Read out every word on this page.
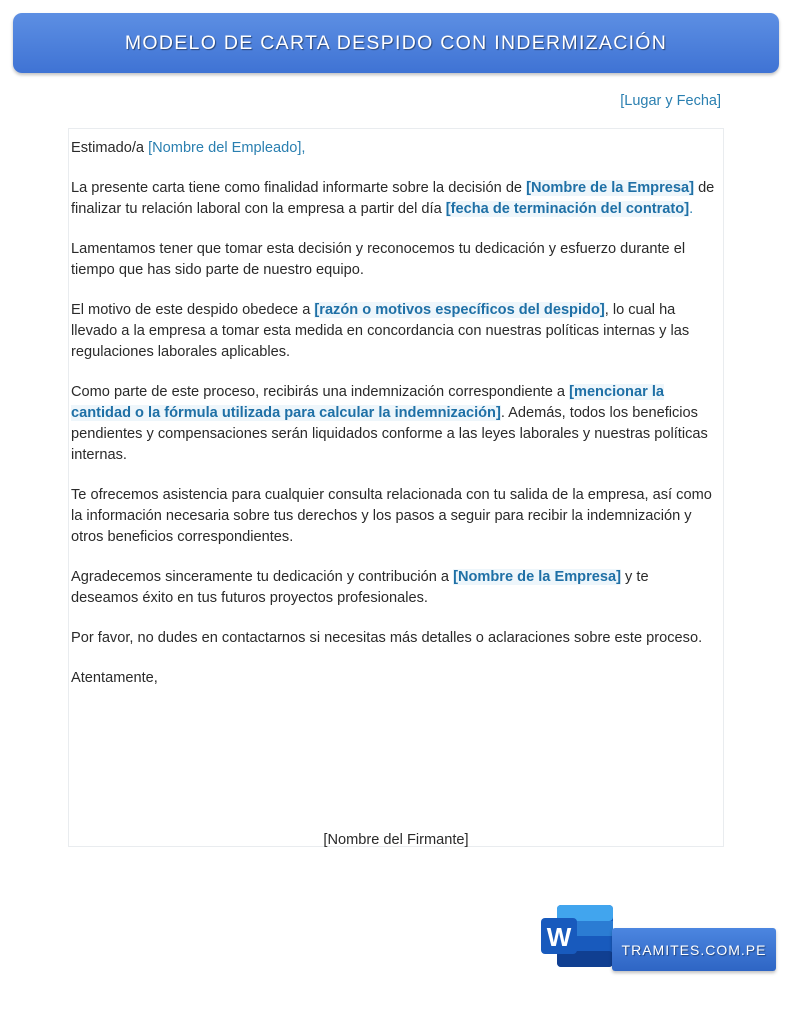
MODELO DE CARTA DESPIDO CON INDERMIZACIÓN
[Lugar y Fecha]

Estimado/a [Nombre del Empleado],

La presente carta tiene como finalidad informarte sobre la decisión de [Nombre de la Empresa] de finalizar tu relación laboral con la empresa a partir del día [fecha de terminación del contrato].

Lamentamos tener que tomar esta decisión y reconocemos tu dedicación y esfuerzo durante el tiempo que has sido parte de nuestro equipo.

El motivo de este despido obedece a [razón o motivos específicos del despido], lo cual ha llevado a la empresa a tomar esta medida en concordancia con nuestras políticas internas y las regulaciones laborales aplicables.

Como parte de este proceso, recibirás una indemnización correspondiente a [mencionar la cantidad o la fórmula utilizada para calcular la indemnización]. Además, todos los beneficios pendientes y compensaciones serán liquidados conforme a las leyes laborales y nuestras políticas internas.

Te ofrecemos asistencia para cualquier consulta relacionada con tu salida de la empresa, así como la información necesaria sobre tus derechos y los pasos a seguir para recibir la indemnización y otros beneficios correspondientes.

Agradecemos sinceramente tu dedicación y contribución a [Nombre de la Empresa] y te deseamos éxito en tus futuros proyectos profesionales.

Por favor, no dudes en contactarnos si necesitas más detalles o aclaraciones sobre este proceso.

Atentamente,

[Nombre del Firmante]
W	TRAMITES.COM.PE
